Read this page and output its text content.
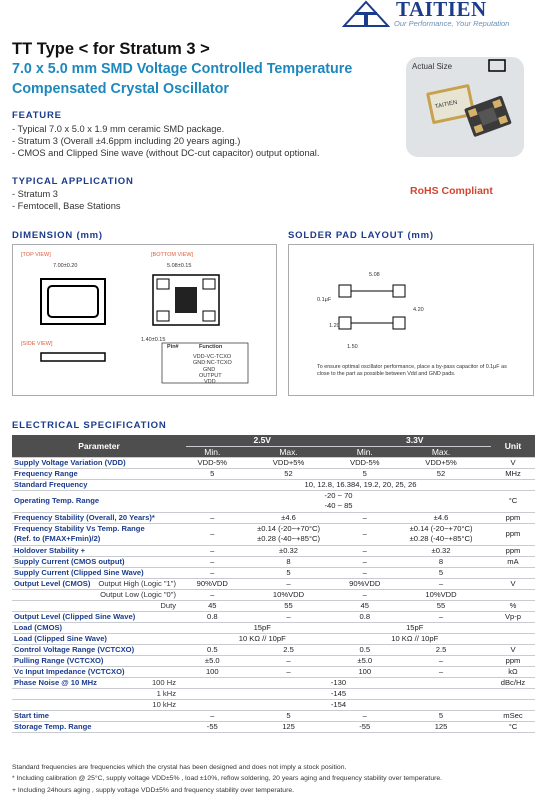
TAITIEN
Our Performance, Your Reputation
TT Type < for Stratum 3 >
7.0 x 5.0 mm SMD Voltage Controlled Temperature
Compensated Crystal Oscillator
FEATURE
- Typical 7.0 x 5.0 x 1.9 mm ceramic SMD package.
- Stratum 3 (Overall ±4.6ppm including 20 years aging.)
- CMOS and Clipped Sine wave (without DC-cut capacitor) output optional.
TYPICAL APPLICATION
- Stratum 3
- Femtocell, Base Stations
Actual Size
TAITIEN
RoHS Compliant
DIMENSION (mm)
[TOP VIEW]	[BOTTOM VIEW]
[SIDE VIEW]
7.00±0.20	5.08±0.15
1.40±0.15
Pin#	Function
VDD-VC-TCXO
GND:NC-TCXO
GND
OUTPUT
VDD
SOLDER PAD LAYOUT (mm)
5.08
4.20
0.1μF
1.20
1.50
To ensure optimal oscillator performance, place a by-pass capacitor of 0.1μF as close to the part as possible between Vdd and GND pads.
ELECTRICAL SPECIFICATION
Parameter	2.5V		3.3V		Unit
	Min.	Max.	Min.	Max.	
Supply Voltage Variation (VDD)	VDD-5%	VDD+5%	VDD-5%	VDD+5%	V
Frequency Range	5	52	5	52	MHz
Standard Frequency	10, 12.8, 16.384, 19.2, 20, 25, 26				
Operating Temp. Range	-20 ~ 70
-40 ~ 85				°C
Frequency Stability (Overall, 20 Years)*	–	±4.6	–	±4.6	ppm
Frequency Stability Vs Temp. Range
(Ref. to (FMAX+Fmin)/2)	–	±0.14 (-20~+70°C)
±0.28 (-40~+85°C)	–	±0.14 (-20~+70°C)
±0.28 (-40~+85°C)	ppm
Holdover Stability +	–	±0.32	–	±0.32	ppm
Supply Current (CMOS output)	–	8	–	8	mA
Supply Current (Clipped Sine Wave)	–	5	–	5	
Output Level (CMOS) Output High (Logic "1")	90%VDD	–	90%VDD	–	V

Output Low (Logic "0")	–	10%VDD	–	10%VDD	

Duty	45	55	45	55	%
Output Level (Clipped Sine Wave)	0.8	–	0.8	–	Vp-p
Load (CMOS)	15pF		15pF		
Load (Clipped Sine Wave)	10 KΩ // 10pF		10 KΩ // 10pF		
Control Voltage Range (VCTCXO)	0.5	2.5	0.5	2.5	V
Pulling Range (VCTCXO)	±5.0	–	±5.0	–	ppm
Vc Input Impedance (VCTCXO)	100	–	100	–	kΩ
Phase Noise @ 10 MHz 100 Hz	-130				dBc/Hz

1 kHz	-145				

10 kHz	-154				
Start time	–	5	–	5	mSec
Storage Temp. Range	-55	125	-55	125	°C
Standard frequencies are frequencies which the crystal has been designed and does not imply a stock position.
* Including calibration @ 25°C, supply voltage VDD±5% , load ±10%, reflow soldering, 20 years aging and frequency stability over temperature.
+ Including 24hours aging , supply voltage VDD±5% and frequency stability over temperature.
